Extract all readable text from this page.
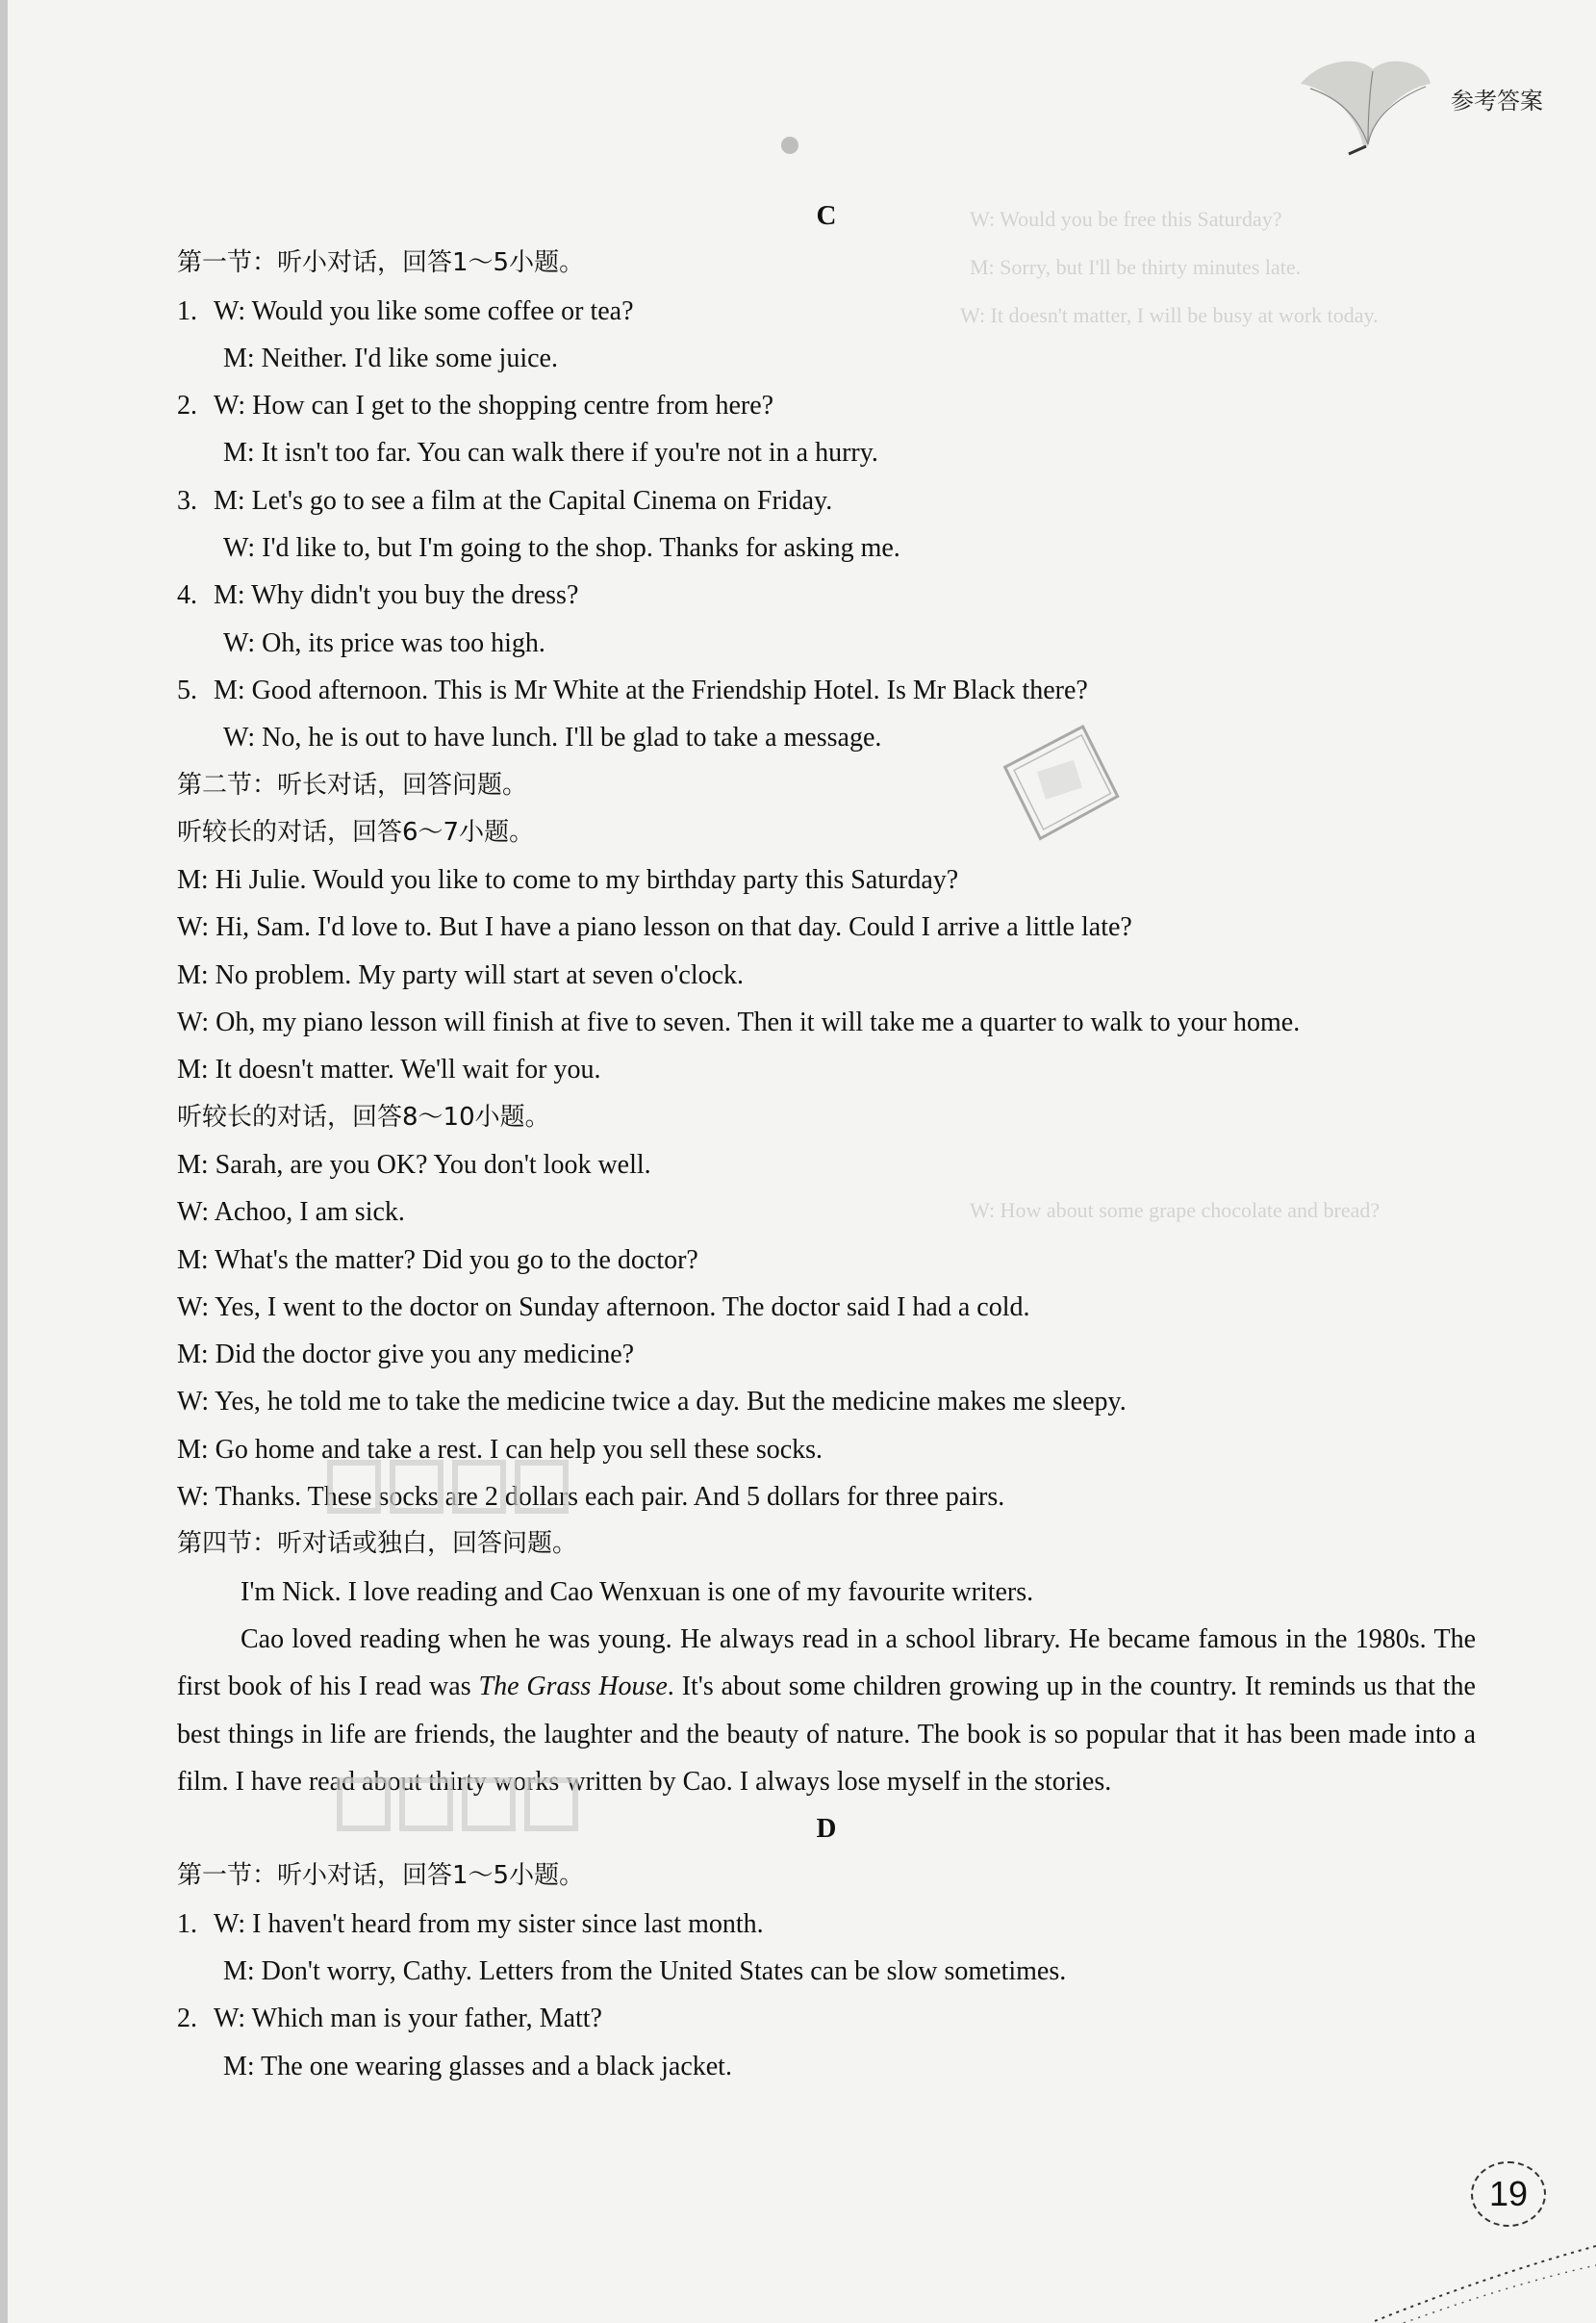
W: Would you be free this Saturday?
M: Sorry, but I'll be thirty minutes late.
W: It doesn't matter, I will be busy at work today.
W: How about some grape chocolate and bread?
参考答案
C
第一节：听小对话，回答1～5小题。
1. W: Would you like some coffee or tea?
M: Neither. I'd like some juice.
2. W: How can I get to the shopping centre from here?
M: It isn't too far. You can walk there if you're not in a hurry.
3. M: Let's go to see a film at the Capital Cinema on Friday.
W: I'd like to, but I'm going to the shop. Thanks for asking me.
4. M: Why didn't you buy the dress?
W: Oh, its price was too high.
5. M: Good afternoon. This is Mr White at the Friendship Hotel. Is Mr Black there?
W: No, he is out to have lunch. I'll be glad to take a message.
第二节：听长对话，回答问题。
听较长的对话，回答6～7小题。
M: Hi Julie. Would you like to come to my birthday party this Saturday?
W: Hi, Sam. I'd love to. But I have a piano lesson on that day. Could I arrive a little late?
M: No problem. My party will start at seven o'clock.
W: Oh, my piano lesson will finish at five to seven. Then it will take me a quarter to walk to your home.
M: It doesn't matter. We'll wait for you.
听较长的对话，回答8～10小题。
M: Sarah, are you OK? You don't look well.
W: Achoo, I am sick.
M: What's the matter? Did you go to the doctor?
W: Yes, I went to the doctor on Sunday afternoon. The doctor said I had a cold.
M: Did the doctor give you any medicine?
W: Yes, he told me to take the medicine twice a day. But the medicine makes me sleepy.
M: Go home and take a rest. I can help you sell these socks.
W: Thanks. These socks are 2 dollars each pair. And 5 dollars for three pairs.
第四节：听对话或独白，回答问题。
I'm Nick. I love reading and Cao Wenxuan is one of my favourite writers.
Cao loved reading when he was young. He always read in a school library. He became famous in the 1980s. The first book of his I read was The Grass House. It's about some children growing up in the country. It reminds us that the best things in life are friends, the laughter and the beauty of nature. The book is so popular that it has been made into a film. I have read about thirty works written by Cao. I always lose myself in the stories.
D
第一节：听小对话，回答1～5小题。
1. W: I haven't heard from my sister since last month.
M: Don't worry, Cathy. Letters from the United States can be slow sometimes.
2. W: Which man is your father, Matt?
M: The one wearing glasses and a black jacket.
19
